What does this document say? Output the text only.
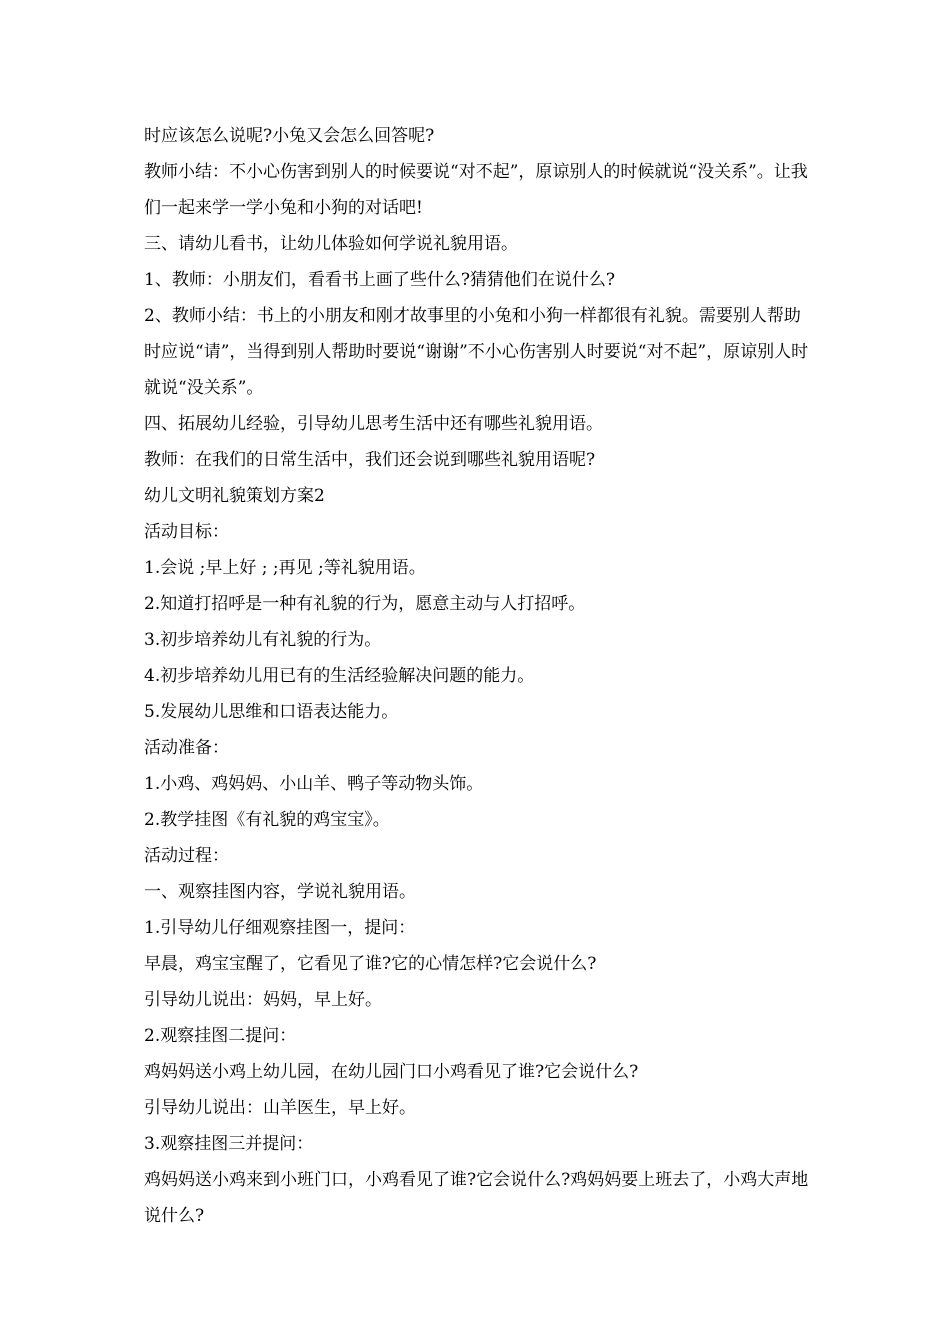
时应该怎么说呢?小兔又会怎么回答呢?

教师小结：不小心伤害到别人的时候要说“对不起”，原谅别人的时候就说“没关系”。让我们一起来学一学小兔和小狗的对话吧!

三、请幼儿看书，让幼儿体验如何学说礼貌用语。

1、教师：小朋友们，看看书上画了些什么?猜猜他们在说什么?

2、教师小结：书上的小朋友和刚才故事里的小兔和小狗一样都很有礼貌。需要别人帮助时应说“请”，当得到别人帮助时要说“谢谢”不小心伤害别人时要说“对不起”，原谅别人时就说“没关系”。

四、拓展幼儿经验，引导幼儿思考生活中还有哪些礼貌用语。

教师：在我们的日常生活中，我们还会说到哪些礼貌用语呢?

幼儿文明礼貌策划方案2

活动目标：

1.会说 ;早上好 ; ;再见 ;等礼貌用语。

2.知道打招呼是一种有礼貌的行为，愿意主动与人打招呼。

3.初步培养幼儿有礼貌的行为。

4.初步培养幼儿用已有的生活经验解决问题的能力。

5.发展幼儿思维和口语表达能力。

活动准备：

1.小鸡、鸡妈妈、小山羊、鸭子等动物头饰。

2.教学挂图《有礼貌的鸡宝宝》。

活动过程：

一、观察挂图内容，学说礼貌用语。

1.引导幼儿仔细观察挂图一，提问：

早晨，鸡宝宝醒了，它看见了谁?它的心情怎样?它会说什么?

引导幼儿说出：妈妈，早上好。

2.观察挂图二提问：

鸡妈妈送小鸡上幼儿园，在幼儿园门口小鸡看见了谁?它会说什么?

引导幼儿说出：山羊医生，早上好。

3.观察挂图三并提问：

鸡妈妈送小鸡来到小班门口，小鸡看见了谁?它会说什么?鸡妈妈要上班去了，小鸡大声地说什么?
